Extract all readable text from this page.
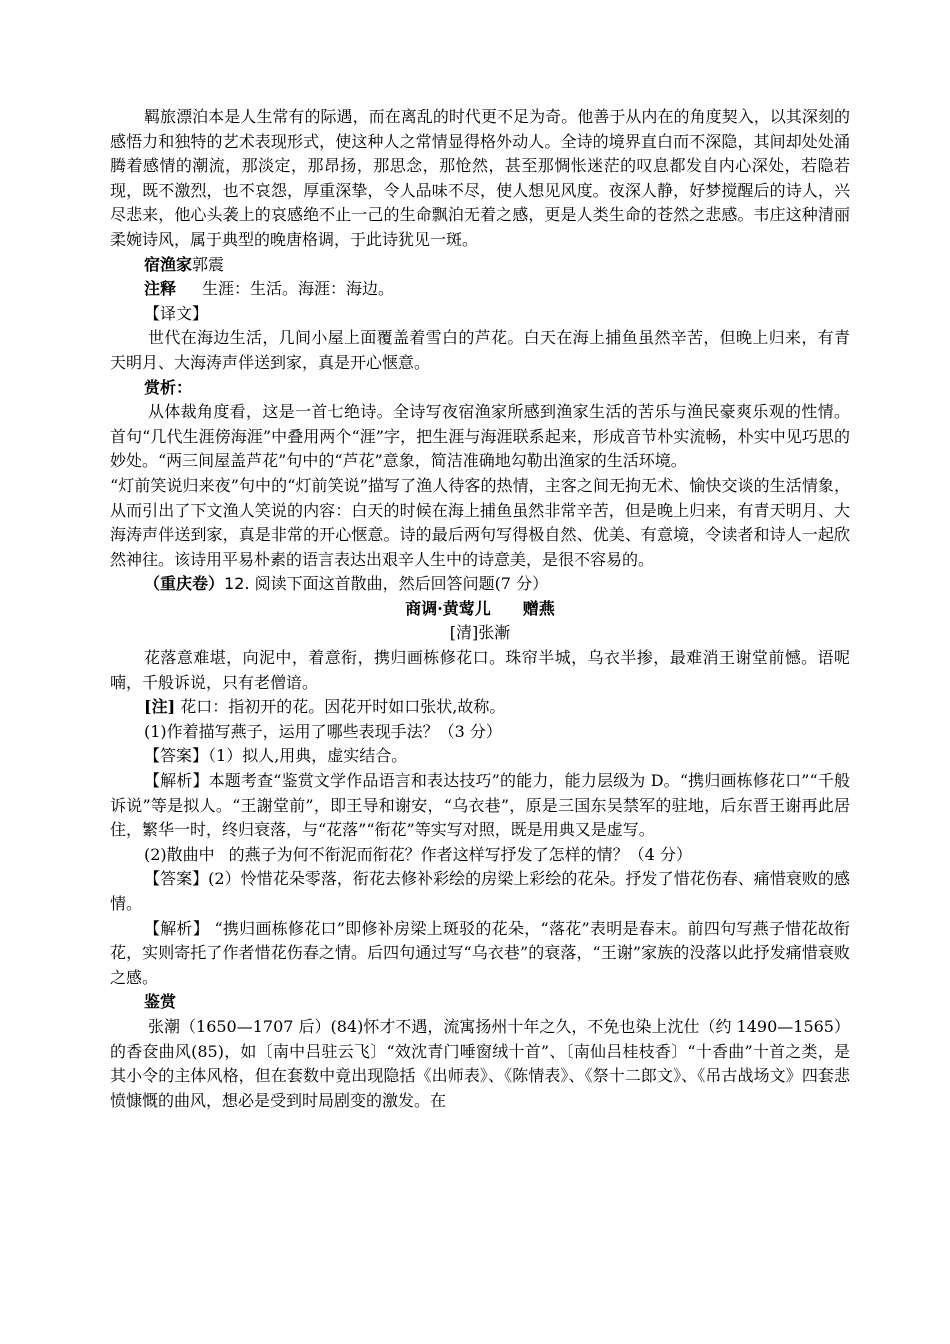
羁旅漂泊本是人生常有的际遇，而在离乱的时代更不足为奇。他善于从内在的角度契入，以其深刻的感悟力和独特的艺术表现形式，使这种人之常情显得格外动人。全诗的境界直白而不深隐，其间却处处涌腾着感情的潮流，那淡定，那昂扬，那思念，那怆然，甚至那惆怅迷茫的叹息都发自内心深处，若隐若现，既不激烈，也不哀怨，厚重深挚，令人品味不尽，使人想见风度。夜深人静，好梦搅醒后的诗人，兴尽悲来，他心头袭上的哀感绝不止一己的生命飘泊无着之感，更是人类生命的苍然之悲感。韦庄这种清丽柔婉诗风，属于典型的晚唐格调，于此诗犹见一斑。

宿渔家郭震

注释 生涯：生活。海涯：海边。

【译文】

世代在海边生活，几间小屋上面覆盖着雪白的芦花。白天在海上捕鱼虽然辛苦，但晚上归来，有青天明月、大海涛声伴送到家，真是开心惬意。

赏析：

从体裁角度看，这是一首七绝诗。全诗写夜宿渔家所感到渔家生活的苦乐与渔民豪爽乐观的性情。首句“几代生涯傍海涯”中叠用两个“涯”字，把生涯与海涯联系起来，形成音节朴实流畅，朴实中见巧思的妙处。“两三间屋盖芦花”句中的“芦花”意象，简洁准确地勾勒出渔家的生活环境。

“灯前笑说归来夜”句中的“灯前笑说”描写了渔人待客的热情，主客之间无拘无术、愉快交谈的生活情象，从而引出了下文渔人笑说的内容：白天的时候在海上捕鱼虽然非常辛苦，但是晚上归来，有青天明月、大海涛声伴送到家，真是非常的开心惬意。诗的最后两句写得极自然、优美、有意境，令读者和诗人一起欣然神往。该诗用平易朴素的语言表达出艰辛人生中的诗意美，是很不容易的。

（重庆卷）12. 阅读下面这首散曲，然后回答问题(7 分）

商调·黄莺儿 赠燕

[清]张漸

花落意难堪，向泥中，着意衔，携归画栋修花口。珠帘半城，乌衣半掺，最难消王谢堂前憾。语呢喃，千般诉说，只有老僧谙。

[注] 花口：指初开的花。因花开时如口张状,故称。

(1)作着描写燕子，运用了哪些表现手法？（3 分）

【答案】（1）拟人,用典，虚实结合。

【解析】本题考查“鉴赏文学作品语言和表达技巧”的能力，能力层级为 D。“携归画栋修花口”“千般诉说”等是拟人。“王謝堂前”，即王导和谢安，“乌衣巷”，原是三国东吴禁军的驻地，后东晋王谢再此居住，繁华一时，终归衰落，与“花落”“衔花”等实写对照，既是用典又是虚写。

(2)散曲中 的燕子为何不衔泥而衔花？作者这样写抒发了怎样的情？（4 分）

【答案】(2）怜惜花朵零落，衔花去修补彩绘的房梁上彩绘的花朵。抒发了惜花伤春、痛惜衰败的感情。

【解析】 “携归画栋修花口”即修补房梁上斑驳的花朵，“落花”表明是春末。前四句写燕子惜花故衔花，实则寄托了作者惜花伤春之情。后四句通过写“乌衣巷”的衰落，“王谢”家族的没落以此抒发痛惜衰败之感。

鉴赏

张潮（1650—1707 后）(84)怀才不遇，流寓扬州十年之久，不免也染上沈仕（约 1490—1565）的香奁曲风(85)，如〔南中吕驻云飞〕“效沈青门唾窗绒十首”、〔南仙吕桂枝香〕“十香曲”十首之类，是其小令的主体风格，但在套数中竟出现隐括《出师表》、《陈情表》、《祭十二郎文》、《吊古战场文》四套悲愤慷慨的曲风，想必是受到时局剧变的激发。在
